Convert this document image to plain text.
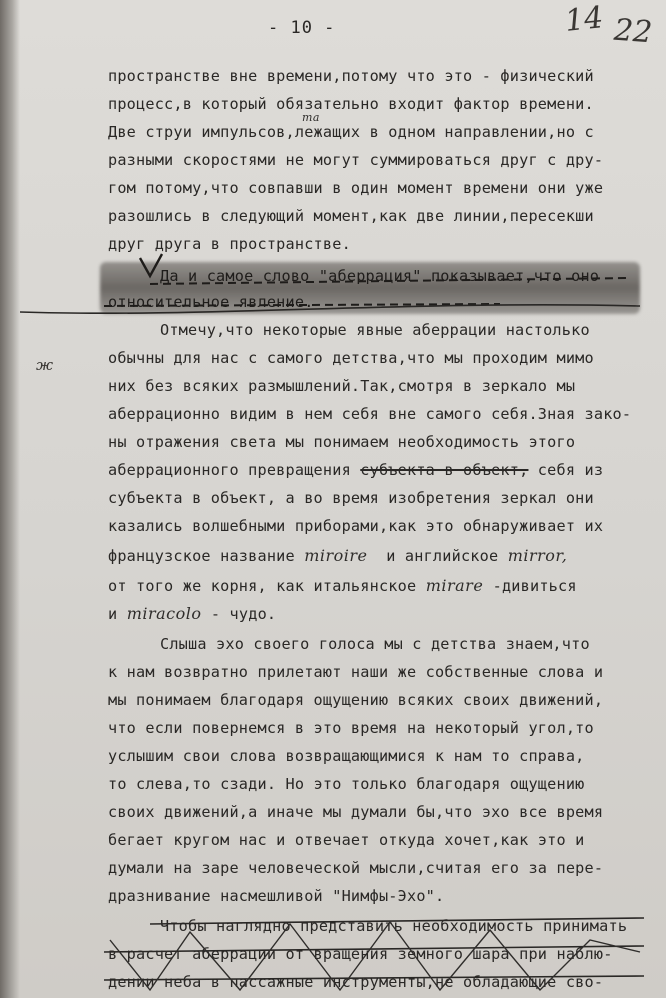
- 10 -	14 22
пространстве вне времени,потому что это - физический
процесс,в который обязательно входит фактор времени.
Две струи импульсов,лежащих в одном направлении,но с
та
разными скоростями не могут суммироваться друг с дру-
гом потому,что совпавши в один момент времени они уже
разошлись в следующий момент,как две линии,пересекши
друг друга в пространстве.
Да и самое слово "аберрация" показывает,что оно
относительное явление.
ж
Отмечу,что некоторые явные аберрации настолько
обычны для нас с самого детства,что мы проходим мимо
них без всяких размышлений.Так,смотря в зеркало мы
аберрационно видим в нем себя вне самого себя.Зная зако-
ны отражения света мы понимаем необходимость этого
аберрационного превращения субъекта в объект, себя из
субъекта в объект, а во время изобретения зеркал они
казались волшебными приборами,как это обнаруживает их
французское название miroire  и английское mirror,
от того же корня, как итальянское mirare -дивиться
и miracolo - чудо.
Слыша эхо своего голоса мы с детства знаем,что
к нам возвратно прилетают наши же собственные слова и
мы понимаем благодаря ощущению всяких своих движений,
что если повернемся в это время на некоторый угол,то
услышим свои слова возвращающимися к нам то справа,
то слева,то сзади. Но это только благодаря ощущению
своих движений,а иначе мы думали бы,что эхо все время
бегает кругом нас и отвечает откуда хочет,как это и
думали на заре человеческой мысли,считая его за пере-
дразнивание насмешливой "Нимфы-Эхо".
Чтобы наглядно представить необходимость принимать
в расчет аберрации от вращения земного шара при наблю-
дении неба в пассажные инструменты,не обладающие сво-
